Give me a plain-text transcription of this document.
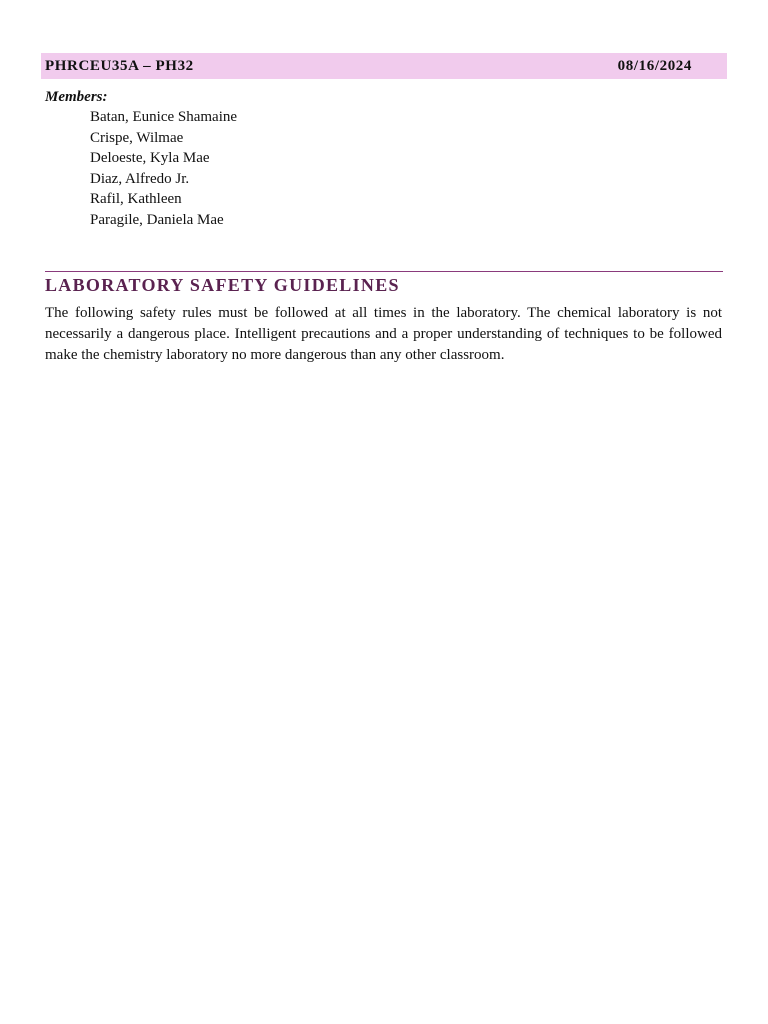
PHRCEU35A – PH32	08/16/2024
Members:
Batan, Eunice Shamaine
Crispe, Wilmae
Deloeste, Kyla Mae
Diaz, Alfredo Jr.
Rafil, Kathleen
Paragile, Daniela Mae
LABORATORY SAFETY GUIDELINES

The following safety rules must be followed at all times in the laboratory. The chemical laboratory is not necessarily a dangerous place. Intelligent precautions and a proper understanding of techniques to be followed make the chemistry laboratory no more dangerous than any other classroom.
